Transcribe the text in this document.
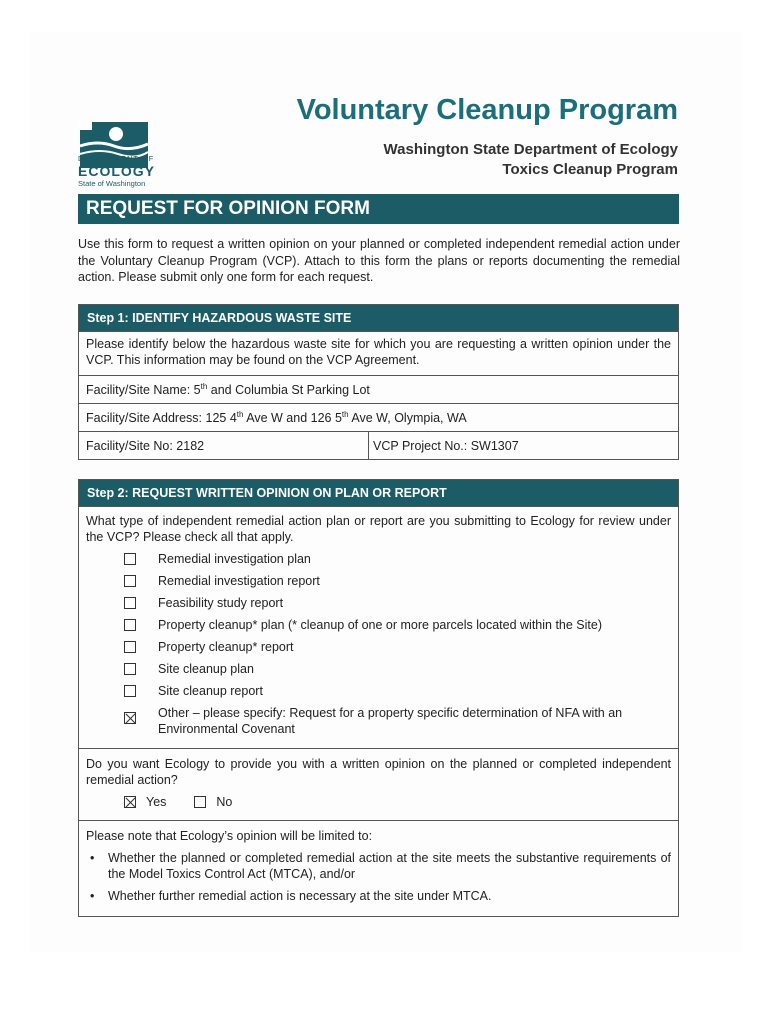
DEPARTMENT OF
ECOLOGY
State of Washington
Voluntary Cleanup Program
Washington State Department of Ecology
Toxics Cleanup Program
REQUEST FOR OPINION FORM

Use this form to request a written opinion on your planned or completed independent remedial action under the Voluntary Cleanup Program (VCP). Attach to this form the plans or reports documenting the remedial action. Please submit only one form for each request.

Step 1: IDENTIFY HAZARDOUS WASTE SITE

Please identify below the hazardous waste site for which you are requesting a written opinion under the VCP. This information may be found on the VCP Agreement.

Facility/Site Name: 5th and Columbia St Parking Lot
Facility/Site Address: 125 4th Ave W and 126 5th Ave W, Olympia, WA
Facility/Site No: 2182	VCP Project No.: SW1307
Step 2: REQUEST WRITTEN OPINION ON PLAN OR REPORT

What type of independent remedial action plan or report are you submitting to Ecology for review under the VCP? Please check all that apply.

Remedial investigation plan
Remedial investigation report
Feasibility study report
Property cleanup* plan (* cleanup of one or more parcels located within the Site)
Property cleanup* report
Site cleanup plan
Site cleanup report
Other – please specify: Request for a property specific determination of NFA with an Environmental Covenant

Do you want Ecology to provide you with a written opinion on the planned or completed independent remedial action?

Yes	No

Please note that Ecology’s opinion will be limited to:

• Whether the planned or completed remedial action at the site meets the substantive requirements of the Model Toxics Control Act (MTCA), and/or
• Whether further remedial action is necessary at the site under MTCA.
